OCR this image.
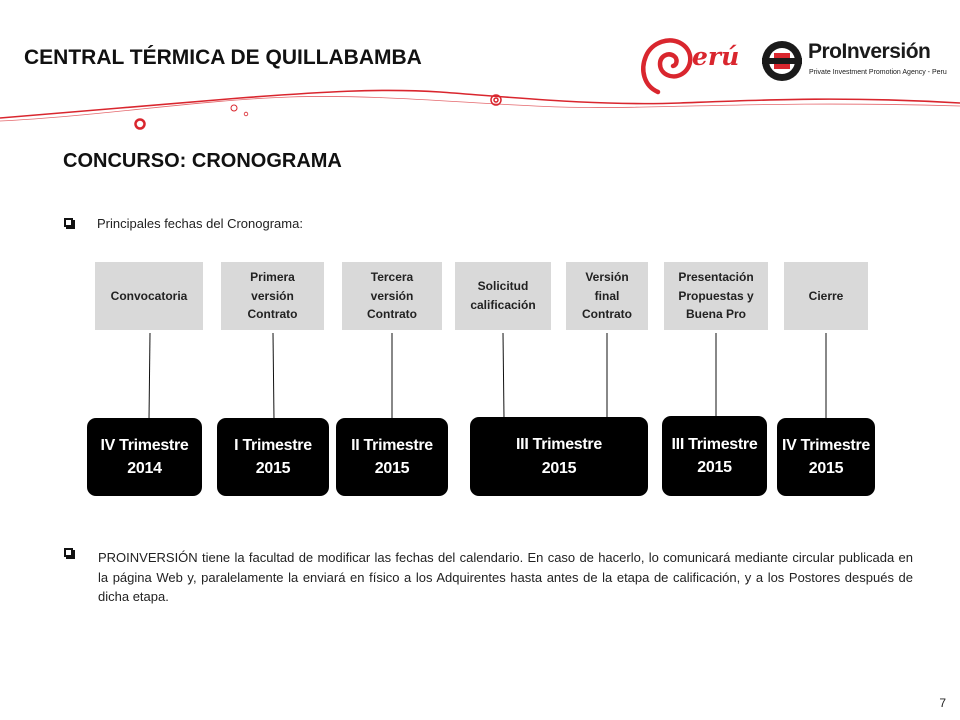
CENTRAL TÉRMICA DE QUILLABAMBA	erú	ProInversión
Private Investment Promotion Agency - Peru
CONCURSO: CRONOGRAMA
Principales fechas del Cronograma:
Convocatoria
Primera
versión
Contrato
Tercera
versión
Contrato
Solicitud
calificación
Versión
final
Contrato
Presentación
Propuestas y
Buena Pro
Cierre
IV Trimestre
2014
I Trimestre
2015
II Trimestre
2015
III Trimestre
2015
III Trimestre
2015
IV Trimestre
2015
PROINVERSIÓN tiene la facultad de modificar las fechas del calendario. En caso de hacerlo, lo comunicará mediante circular publicada en la página Web y, paralelamente la enviará en físico a los Adquirentes hasta antes de la etapa de calificación, y a los Postores después de dicha etapa.
7
